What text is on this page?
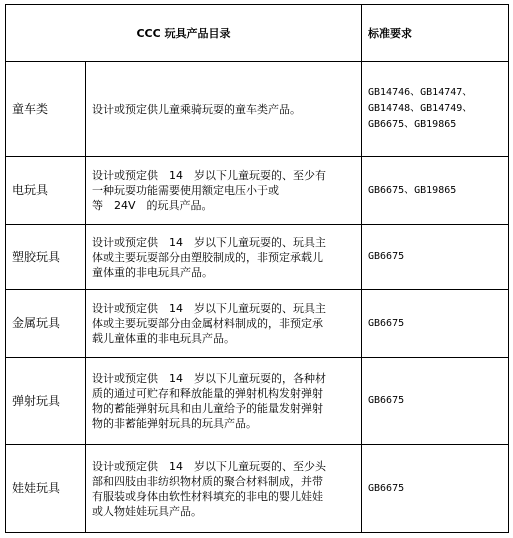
CCC 玩具产品目录		标准要求
童车类	设计或预定供儿童乘骑玩耍的童车类产品。	GB14746、GB14747、
GB14748、GB14749、
GB6675、GB19865

电玩具	设计或预定供　14　岁以下儿童玩耍的、至少有
一种玩耍功能需要使用额定电压小于或
等　24V　的玩具产品。	GB6675、GB19865

塑胶玩具	设计或预定供　14　岁以下儿童玩耍的、玩具主
体或主要玩耍部分由塑胶制成的，非预定承载儿
童体重的非电玩具产品。	GB6675

金属玩具	设计或预定供　14　岁以下儿童玩耍的、玩具主
体或主要玩耍部分由金属材料制成的，非预定承
载儿童体重的非电玩具产品。	GB6675

弹射玩具	设计或预定供　14　岁以下儿童玩耍的，各种材
质的通过可贮存和释放能量的弹射机构发射弹射
物的蓄能弹射玩具和由儿童给予的能量发射弹射
物的非蓄能弹射玩具的玩具产品。	GB6675

娃娃玩具	设计或预定供　14　岁以下儿童玩耍的、至少头
部和四肢由非纺织物材质的聚合材料制成，并带
有服装或身体由软性材料填充的非电的婴儿娃娃
或人物娃娃玩具产品。	GB6675
